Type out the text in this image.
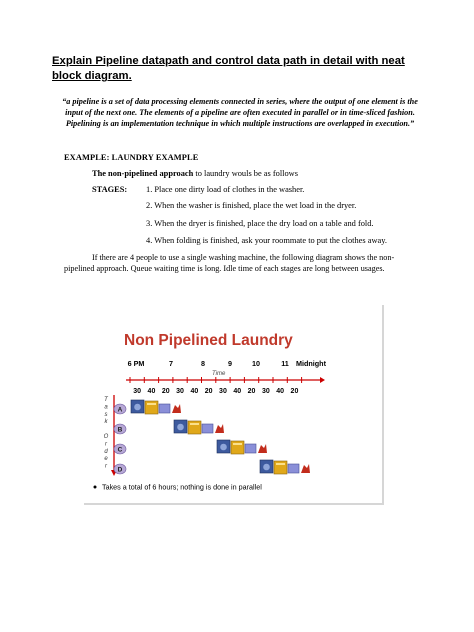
Explain Pipeline datapath and control data path in detail with neat block diagram.
“a pipeline is a set of data processing elements connected in series, where the output of one element is the input of the next one. The elements of a pipeline are often executed in parallel or in time-sliced fashion. Pipelining is an implementation technique in which multiple instructions are overlapped in execution.”
EXAMPLE: LAUNDRY EXAMPLE
The non-pipelined approach to laundry wouls be as follows
STAGES: 1. Place one dirty load of clothes in the washer.
2. When the washer is finished, place the wet load in the dryer.
3. When the dryer is finished, place the dry load on a table and fold.
4. When folding is finished, ask your roommate to put the clothes away.
If there are 4 people to use a single washing machine, the following diagram shows the non-pipelined approach. Queue waiting time is long. Idle time of each stages are long between usages.
Non Pipelined Laundry
6 PM	7	8	9	10	11 Midnight
Time
30 40 20 30 40 20 30 40 20 30 40 20
T
a
s
k
O
r
d
e
r
A
B
C
D
Takes a total of 6 hours; nothing is done in parallel
